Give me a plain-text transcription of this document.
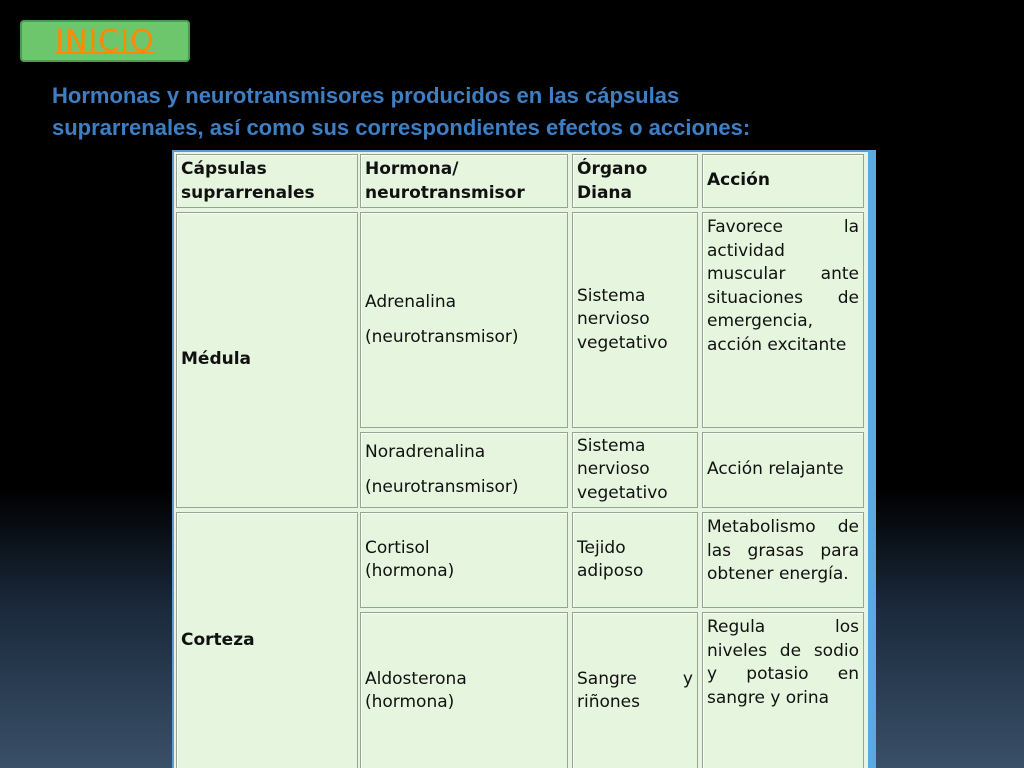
INICIO
Hormonas y neurotransmisores producidos en las cápsulas
suprarrenales, así como sus correspondientes efectos o acciones:
Cápsulas
suprarrenales
Hormona/
neurotransmisor
Órgano
Diana
Acción
Médula
Adrenalina
(neurotransmisor)
Sistema
nervioso
vegetativo
Favorece la actividad muscular ante situaciones de emergencia, acción excitante
Noradrenalina
(neurotransmisor)
Sistema
nervioso
vegetativo
Acción relajante
Corteza
Cortisol
(hormona)
Tejido
adiposo
Metabolismo de las grasas para obtener energía.
Aldosterona
(hormona)
Sangre y
riñones
Regula los niveles de sodio y potasio en sangre y orina
